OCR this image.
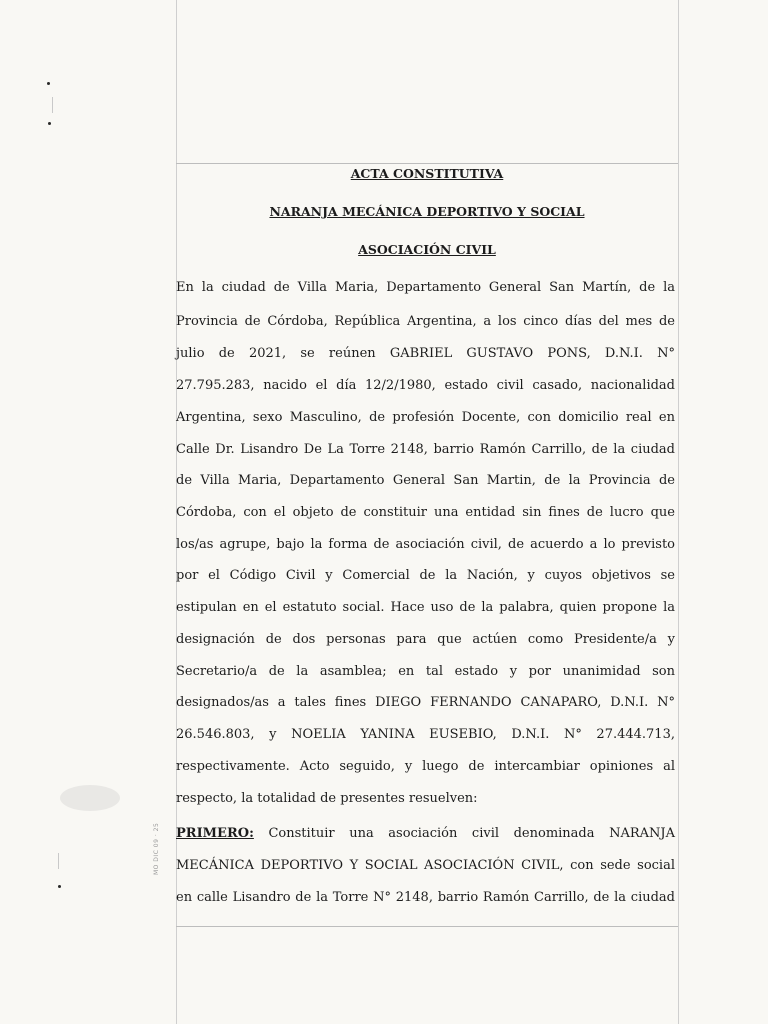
MO DIC 09 · 25
ACTA CONSTITUTIVA
NARANJA MECÁNICA DEPORTIVO Y SOCIAL
ASOCIACIÓN CIVIL
En la ciudad de Villa Maria, Departamento General San Martín, de la
Provincia de Córdoba, República Argentina, a los cinco días del mes de
julio de 2021, se reúnen GABRIEL GUSTAVO PONS, D.N.I. N°
27.795.283, nacido el día 12/2/1980, estado civil casado, nacionalidad
Argentina, sexo Masculino, de profesión Docente, con domicilio real en
Calle Dr. Lisandro De La Torre 2148, barrio Ramón Carrillo, de la ciudad
de Villa Maria, Departamento General San Martin, de la Provincia de
Córdoba, con el objeto de constituir una entidad sin fines de lucro que
los/as agrupe, bajo la forma de asociación civil, de acuerdo a lo previsto
por el Código Civil y Comercial de la Nación, y cuyos objetivos se
estipulan en el estatuto social. Hace uso de la palabra, quien propone la
designación de dos personas para que actúen como Presidente/a y
Secretario/a de la asamblea; en tal estado y por unanimidad son
designados/as a tales fines DIEGO FERNANDO CANAPARO, D.N.I. N°
26.546.803, y NOELIA YANINA EUSEBIO, D.N.I. N° 27.444.713,
respectivamente. Acto seguido, y luego de intercambiar opiniones al
respecto, la totalidad de presentes resuelven:
PRIMERO: Constituir una asociación civil denominada NARANJA
MECÁNICA DEPORTIVO Y SOCIAL ASOCIACIÓN CIVIL, con sede social
en calle Lisandro de la Torre N° 2148, barrio Ramón Carrillo, de la ciudad
